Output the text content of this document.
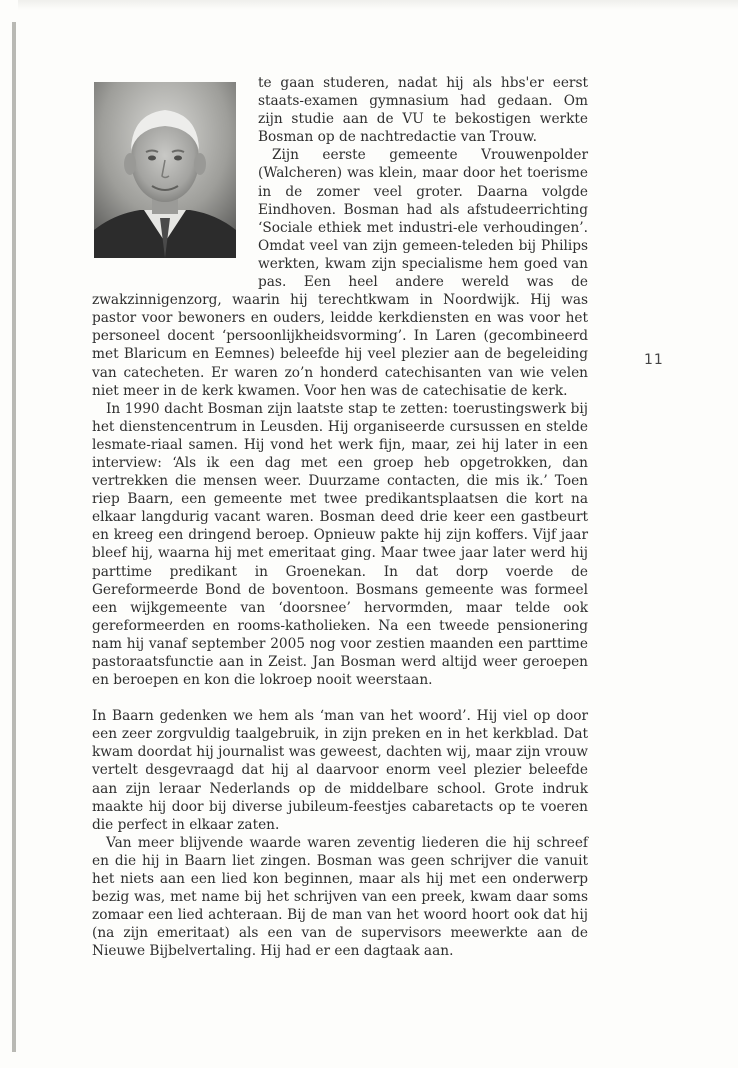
te gaan studeren, nadat hij als hbs'er eerst staats-examen gymnasium had gedaan. Om zijn studie aan de VU te bekostigen werkte Bosman op de nachtredactie van Trouw.

Zijn eerste gemeente Vrouwenpolder (Walcheren) was klein, maar door het toerisme in de zomer veel groter. Daarna volgde Eindhoven. Bosman had als afstudeerrichting ‘Sociale ethiek met industri-ele verhoudingen’. Omdat veel van zijn gemeen-teleden bij Philips werkten, kwam zijn specialisme hem goed van pas. Een heel andere wereld was de zwakzinnigenzorg, waarin hij terechtkwam in Noordwijk. Hij was pastor voor bewoners en ouders, leidde kerkdiensten en was voor het personeel docent ‘persoonlijkheidsvorming’. In Laren (gecombineerd met Blaricum en Eemnes) beleefde hij veel plezier aan de begeleiding van catecheten. Er waren zo’n honderd catechisanten van wie velen niet meer in de kerk kwamen. Voor hen was de catechisatie de kerk.

In 1990 dacht Bosman zijn laatste stap te zetten: toerustingswerk bij het dienstencentrum in Leusden. Hij organiseerde cursussen en stelde lesmate-riaal samen. Hij vond het werk fijn, maar, zei hij later in een interview: ‘Als ik een dag met een groep heb opgetrokken, dan vertrekken die mensen weer. Duurzame contacten, die mis ik.’ Toen riep Baarn, een gemeente met twee predikantsplaatsen die kort na elkaar langdurig vacant waren. Bosman deed drie keer een gastbeurt en kreeg een dringend beroep. Opnieuw pakte hij zijn koffers. Vijf jaar bleef hij, waarna hij met emeritaat ging. Maar twee jaar later werd hij parttime predikant in Groenekan. In dat dorp voerde de Gereformeerde Bond de boventoon. Bosmans gemeente was formeel een wijkgemeente van ‘doorsnee’ hervormden, maar telde ook gereformeerden en rooms-katholieken. Na een tweede pensionering nam hij vanaf september 2005 nog voor zestien maanden een parttime pastoraatsfunctie aan in Zeist. Jan Bosman werd altijd weer geroepen en beroepen en kon die lokroep nooit weerstaan.

In Baarn gedenken we hem als ‘man van het woord’. Hij viel op door een zeer zorgvuldig taalgebruik, in zijn preken en in het kerkblad. Dat kwam doordat hij journalist was geweest, dachten wij, maar zijn vrouw vertelt desgevraagd dat hij al daarvoor enorm veel plezier beleefde aan zijn leraar Nederlands op de middelbare school. Grote indruk maakte hij door bij diverse jubileum-feestjes cabaretacts op te voeren die perfect in elkaar zaten.

Van meer blijvende waarde waren zeventig liederen die hij schreef en die hij in Baarn liet zingen. Bosman was geen schrijver die vanuit het niets aan een lied kon beginnen, maar als hij met een onderwerp bezig was, met name bij het schrijven van een preek, kwam daar soms zomaar een lied achteraan. Bij de man van het woord hoort ook dat hij (na zijn emeritaat) als een van de supervisors meewerkte aan de Nieuwe Bijbelvertaling. Hij had er een dagtaak aan.

11
